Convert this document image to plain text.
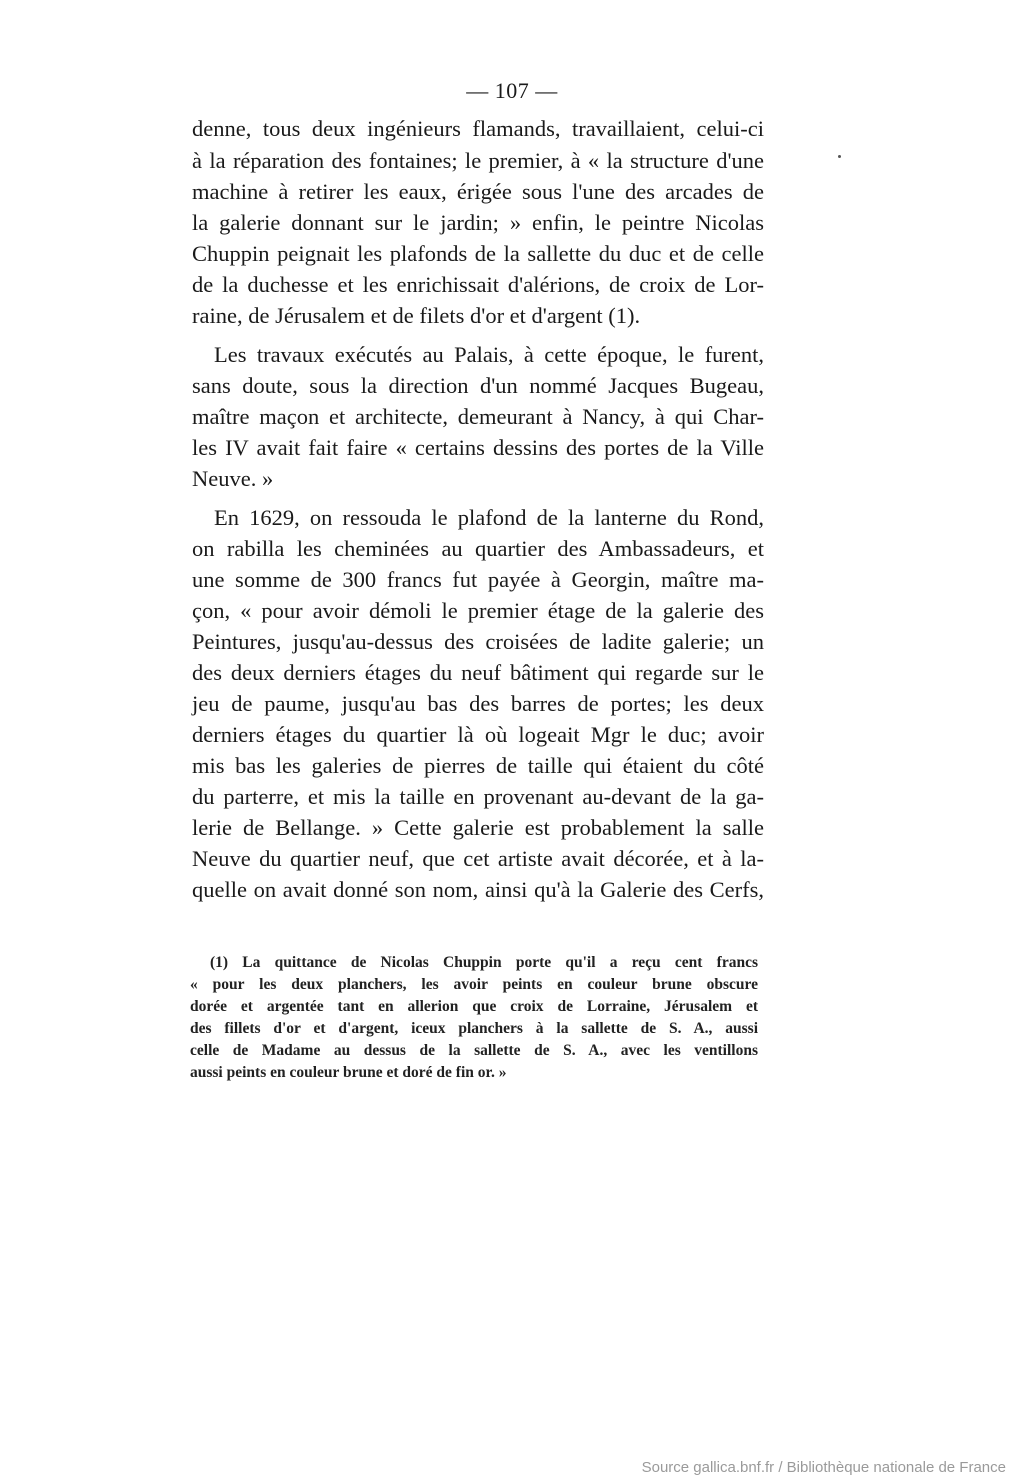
— 107 —
denne, tous deux ingénieurs flamands, travaillaient, celui-ci
à la réparation des fontaines; le premier, à « la structure d'une
machine à retirer les eaux, érigée sous l'une des arcades de
la galerie donnant sur le jardin; » enfin, le peintre Nicolas
Chuppin peignait les plafonds de la sallette du duc et de celle
de la duchesse et les enrichissait d'alérions, de croix de Lor-
raine, de Jérusalem et de filets d'or et d'argent (1).
Les travaux exécutés au Palais, à cette époque, le furent,
sans doute, sous la direction d'un nommé Jacques Bugeau,
maître maçon et architecte, demeurant à Nancy, à qui Char-
les IV avait fait faire « certains dessins des portes de la Ville
Neuve. »
En 1629, on ressouda le plafond de la lanterne du Rond,
on rabilla les cheminées au quartier des Ambassadeurs, et
une somme de 300 francs fut payée à Georgin, maître ma-
çon, « pour avoir démoli le premier étage de la galerie des
Peintures, jusqu'au-dessus des croisées de ladite galerie; un
des deux derniers étages du neuf bâtiment qui regarde sur le
jeu de paume, jusqu'au bas des barres de portes; les deux
derniers étages du quartier là où logeait Mgr le duc; avoir
mis bas les galeries de pierres de taille qui étaient du côté
du parterre, et mis la taille en provenant au-devant de la ga-
lerie de Bellange. » Cette galerie est probablement la salle
Neuve du quartier neuf, que cet artiste avait décorée, et à la-
quelle on avait donné son nom, ainsi qu'à la Galerie des Cerfs,
(1) La quittance de Nicolas Chuppin porte qu'il a reçu cent francs
« pour les deux planchers, les avoir peints en couleur brune obscure
dorée et argentée tant en allerion que croix de Lorraine, Jérusalem et
des fillets d'or et d'argent, iceux planchers à la sallette de S. A., aussi
celle de Madame au dessus de la sallette de S. A., avec les ventillons
aussi peints en couleur brune et doré de fin or. »
Source gallica.bnf.fr / Bibliothèque nationale de France
